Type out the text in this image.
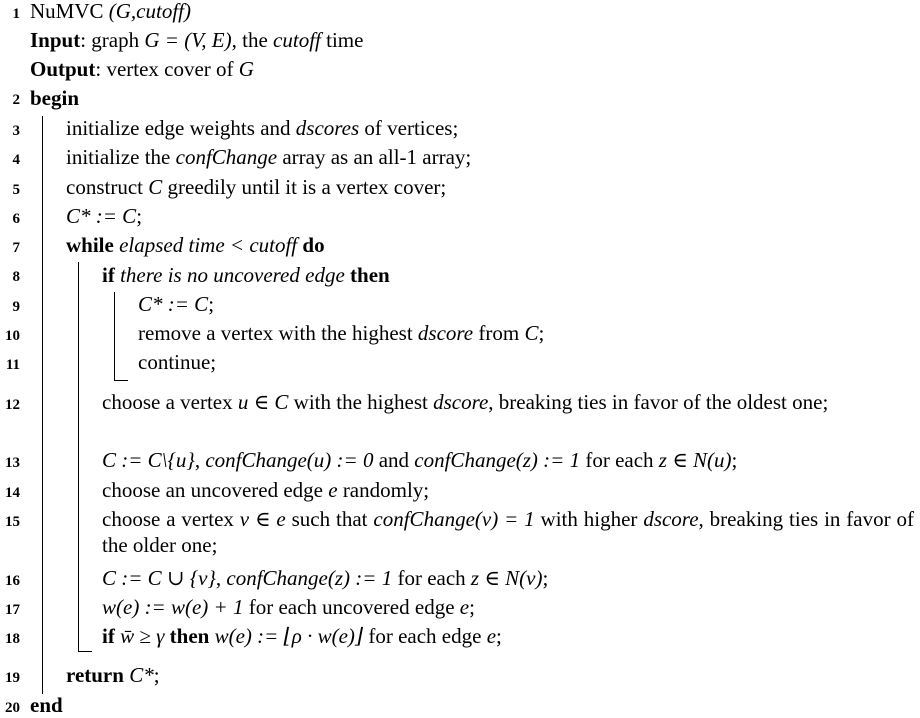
1
2
3
4
5
6
7
8
9
10
11
12
13
14
15
16
17
18
19
20
NuMVC (G,cutoff)
Input: graph G = (V, E), the cutoff time
Output: vertex cover of G
begin
initialize edge weights and dscores of vertices;
initialize the confChange array as an all-1 array;
construct C greedily until it is a vertex cover;
C* := C;
while elapsed time < cutoff do
if there is no uncovered edge then
C* := C;
remove a vertex with the highest dscore from C;
continue;
choose a vertex u ∈ C with the highest dscore, breaking ties in favor of the oldest one;
C := C\{u}, confChange(u) := 0 and confChange(z) := 1 for each z ∈ N(u);
choose an uncovered edge e randomly;
choose a vertex v ∈ e such that confChange(v) = 1 with higher dscore, breaking ties in favor of the older one;
C := C ∪ {v}, confChange(z) := 1 for each z ∈ N(v);
w(e) := w(e) + 1 for each uncovered edge e;
if w̄ ≥ γ then w(e) := ⌊ρ · w(e)⌋ for each edge e;
return C*;
end
